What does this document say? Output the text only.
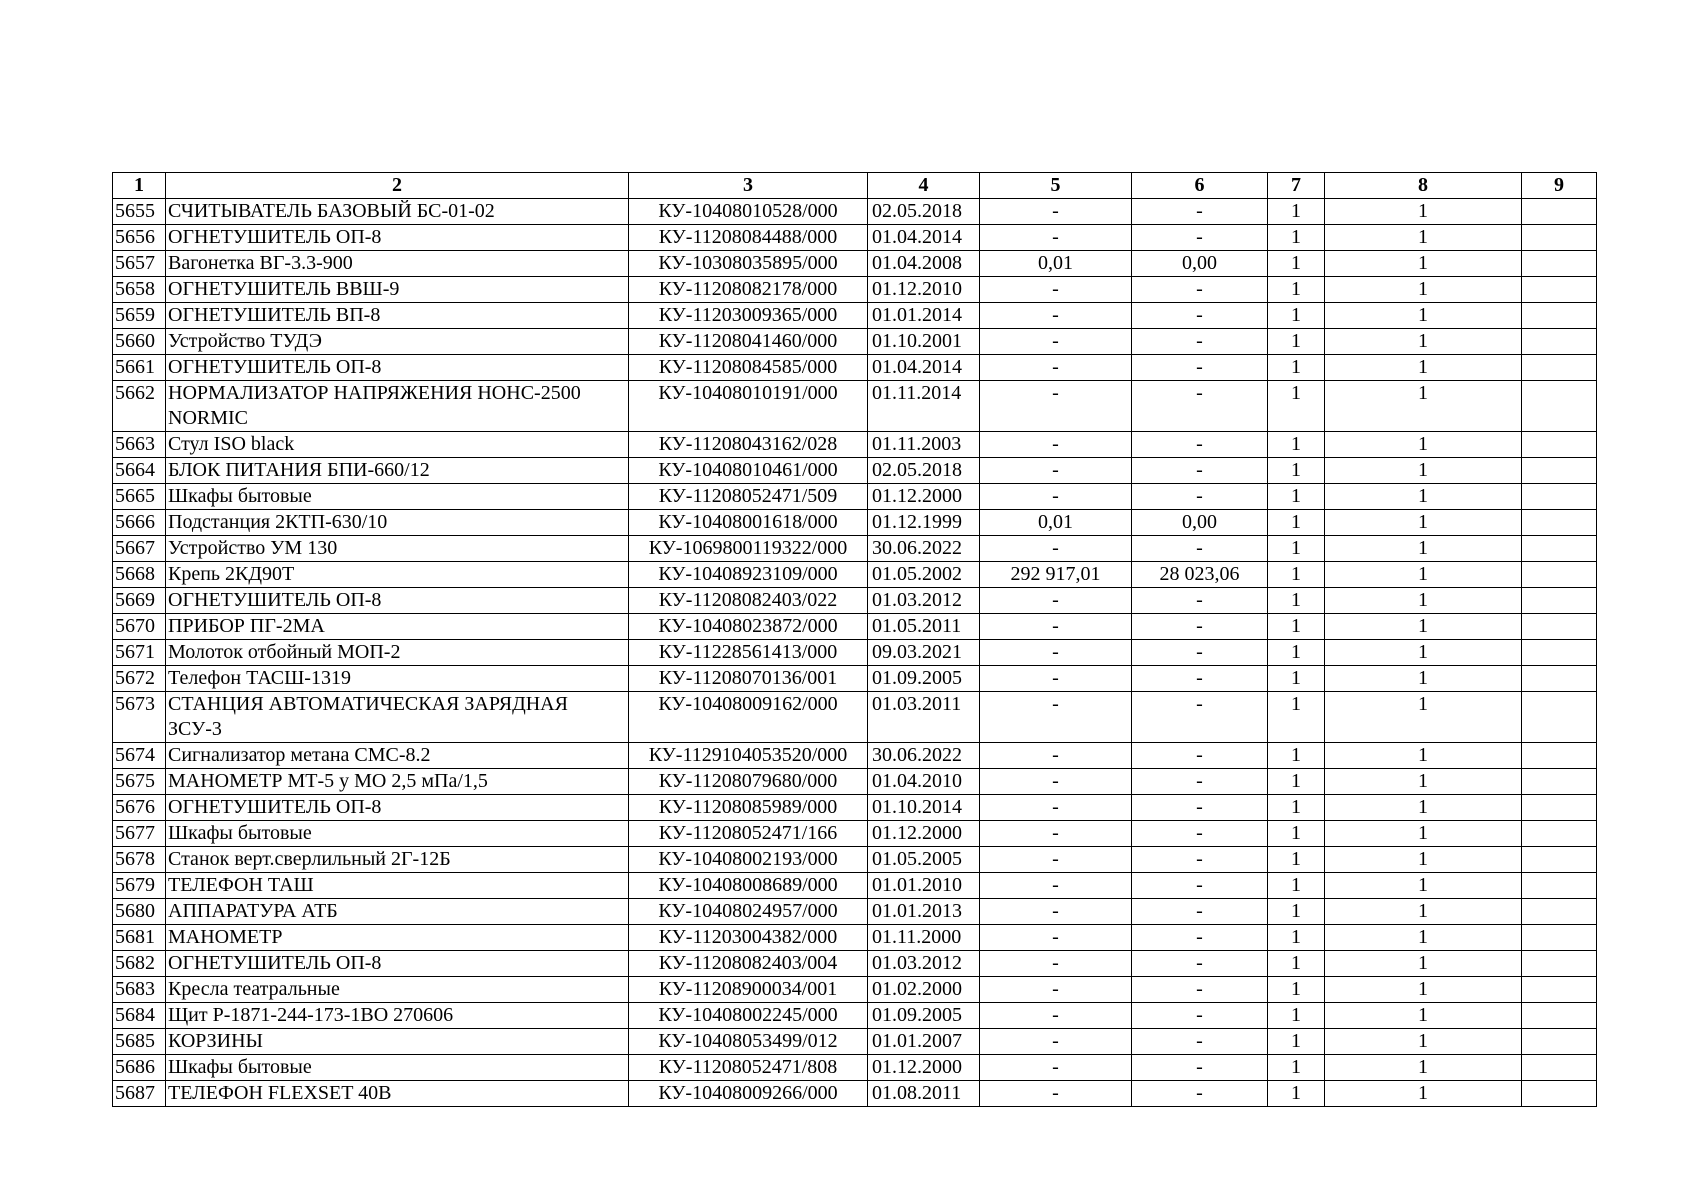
1	2	3	4	5	6	7	8	9
5655	СЧИТЫВАТЕЛЬ БАЗОВЫЙ БС-01-02	КУ-10408010528/000	02.05.2018	-	-	1	1	
5656	ОГНЕТУШИТЕЛЬ ОП-8	КУ-11208084488/000	01.04.2014	-	-	1	1	
5657	Вагонетка ВГ-3.3-900	КУ-10308035895/000	01.04.2008	0,01	0,00	1	1	
5658	ОГНЕТУШИТЕЛЬ ВВШ-9	КУ-11208082178/000	01.12.2010	-	-	1	1	
5659	ОГНЕТУШИТЕЛЬ ВП-8	КУ-11203009365/000	01.01.2014	-	-	1	1	
5660	Устройство ТУДЭ	КУ-11208041460/000	01.10.2001	-	-	1	1	
5661	ОГНЕТУШИТЕЛЬ ОП-8	КУ-11208084585/000	01.04.2014	-	-	1	1	
5662	НОРМАЛИЗАТОР НАПРЯЖЕНИЯ НОНС-2500 NORMIC	КУ-10408010191/000	01.11.2014	-	-	1	1	
5663	Стул ISO black	КУ-11208043162/028	01.11.2003	-	-	1	1	
5664	БЛОК ПИТАНИЯ БПИ-660/12	КУ-10408010461/000	02.05.2018	-	-	1	1	
5665	Шкафы бытовые	КУ-11208052471/509	01.12.2000	-	-	1	1	
5666	Подстанция 2КТП-630/10	КУ-10408001618/000	01.12.1999	0,01	0,00	1	1	
5667	Устройство УМ 130	КУ-1069800119322/000	30.06.2022	-	-	1	1	
5668	Крепь 2КД90Т	КУ-10408923109/000	01.05.2002	292 917,01	28 023,06	1	1	
5669	ОГНЕТУШИТЕЛЬ ОП-8	КУ-11208082403/022	01.03.2012	-	-	1	1	
5670	ПРИБОР ПГ-2МА	КУ-10408023872/000	01.05.2011	-	-	1	1	
5671	Молоток отбойный МОП-2	КУ-11228561413/000	09.03.2021	-	-	1	1	
5672	Телефон ТАСШ-1319	КУ-11208070136/001	01.09.2005	-	-	1	1	
5673	СТАНЦИЯ АВТОМАТИЧЕСКАЯ ЗАРЯДНАЯ ЗСУ-3	КУ-10408009162/000	01.03.2011	-	-	1	1	
5674	Сигнализатор метана СМС-8.2	КУ-1129104053520/000	30.06.2022	-	-	1	1	
5675	МАНОМЕТР МТ-5 у МО 2,5 мПа/1,5	КУ-11208079680/000	01.04.2010	-	-	1	1	
5676	ОГНЕТУШИТЕЛЬ ОП-8	КУ-11208085989/000	01.10.2014	-	-	1	1	
5677	Шкафы бытовые	КУ-11208052471/166	01.12.2000	-	-	1	1	
5678	Станок верт.сверлильный 2Г-12Б	КУ-10408002193/000	01.05.2005	-	-	1	1	
5679	ТЕЛЕФОН ТАШ	КУ-10408008689/000	01.01.2010	-	-	1	1	
5680	АППАРАТУРА АТБ	КУ-10408024957/000	01.01.2013	-	-	1	1	
5681	МАНОМЕТР	КУ-11203004382/000	01.11.2000	-	-	1	1	
5682	ОГНЕТУШИТЕЛЬ ОП-8	КУ-11208082403/004	01.03.2012	-	-	1	1	
5683	Кресла театральные	КУ-11208900034/001	01.02.2000	-	-	1	1	
5684	Щит Р-1871-244-173-1ВО 270606	КУ-10408002245/000	01.09.2005	-	-	1	1	
5685	КОРЗИНЫ	КУ-10408053499/012	01.01.2007	-	-	1	1	
5686	Шкафы бытовые	КУ-11208052471/808	01.12.2000	-	-	1	1	
5687	ТЕЛЕФОН FLEXSET 40B	КУ-10408009266/000	01.08.2011	-	-	1	1	
